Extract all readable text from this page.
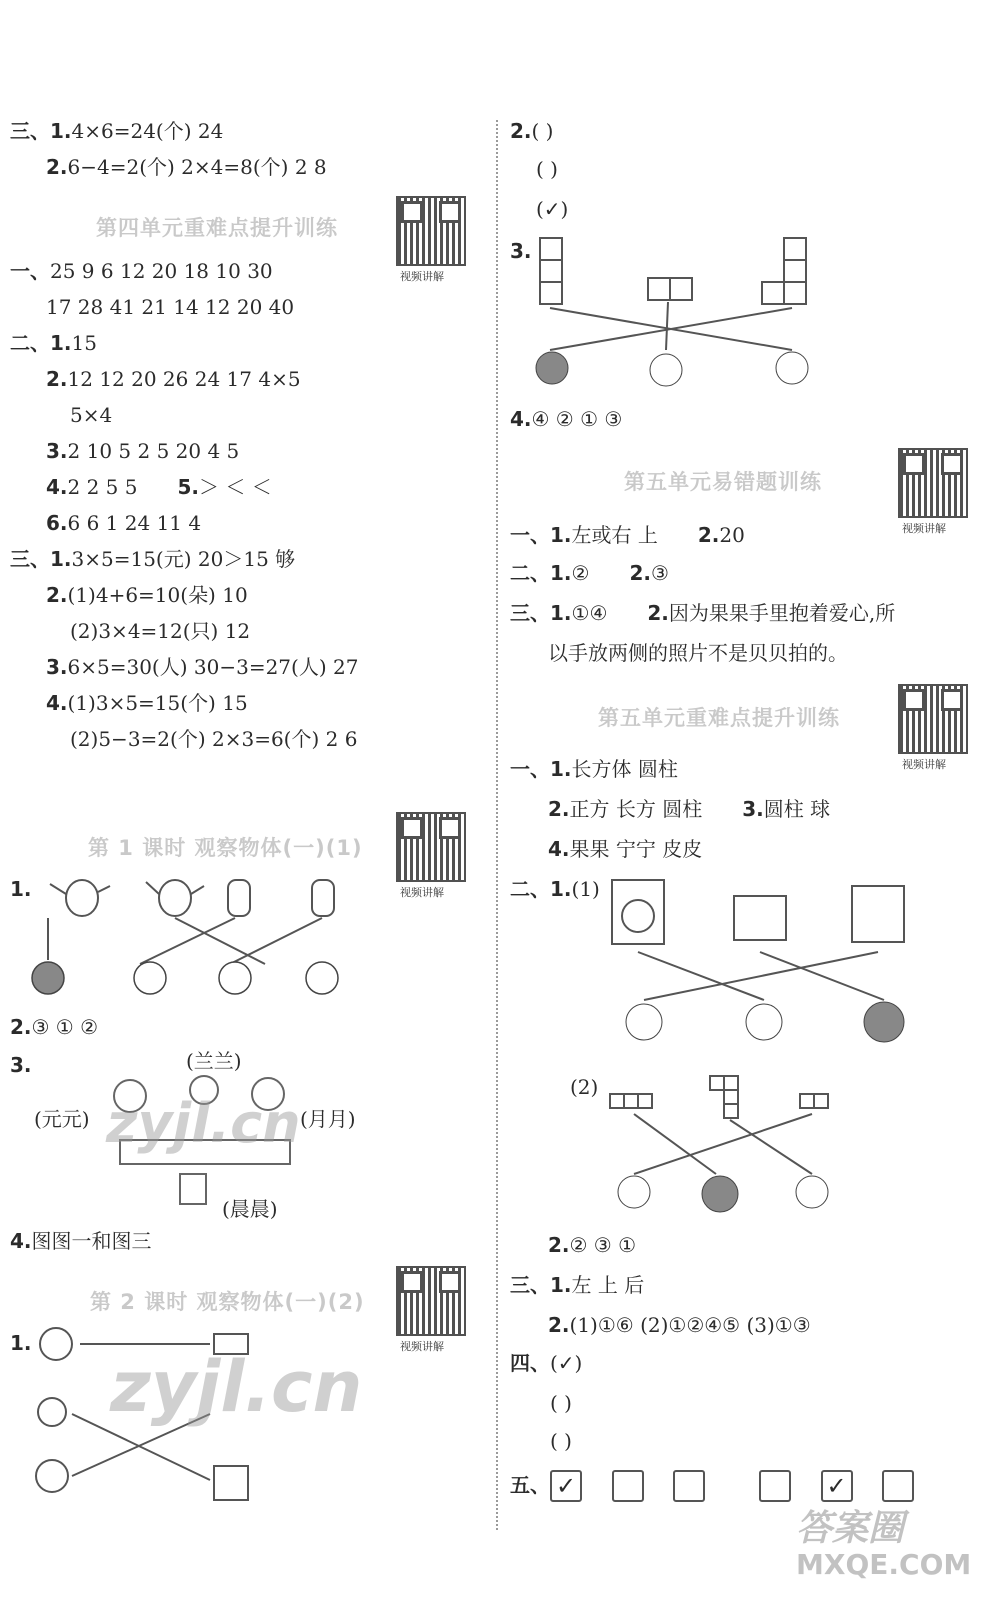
三、1.4×6=24(个) 24
2.6−4=2(个) 2×4=8(个) 2 8
第四单元重难点提升训练
视频讲解
一、25 9 6 12 20 18 10 30
17 28 41 21 14 12 20 40
二、1.15
2.12 12 20 26 24 17 4×5
5×4
3.2 10 5 2 5 20 4 5
4.2 2 5 5 5.＞ ＜ ＜
6.6 6 1 24 11 4
三、1.3×5=15(元) 20＞15 够
2.(1)4+6=10(朵) 10
(2)3×4=12(只) 12
3.6×5=30(人) 30−3=27(人) 27
4.(1)3×5=15(个) 15
(2)5−3=2(个) 2×3=6(个) 2 6
第 1 课时 观察物体(一)(1)
视频讲解
1.
2.③ ① ②
3.	(兰兰)
(元元)	(月月)
(晨晨)
zyjl.cn
4.图图一和图三
第 2 课时 观察物体(一)(2)
视频讲解
1.
zyjl.cn
2.( )
( )
(✓)
3.
4.④ ② ① ③
第五单元易错题训练
视频讲解
一、1.左或右 上 2.20
二、1.② 2.③
三、1.①④ 2.因为果果手里抱着爱心,所
以手放两侧的照片不是贝贝拍的。
第五单元重难点提升训练
视频讲解
一、1.长方体 圆柱
2.正方 长方 圆柱 3.圆柱 球
4.果果 宁宁 皮皮
二、1.(1)
(2)
2.② ③ ①
三、1.左 上 后
2.(1)①⑥ (2)①②④⑤ (3)①③
四、(✓)
( )
( )
五、 ✓	✓
答案圈
MXQE.COM
